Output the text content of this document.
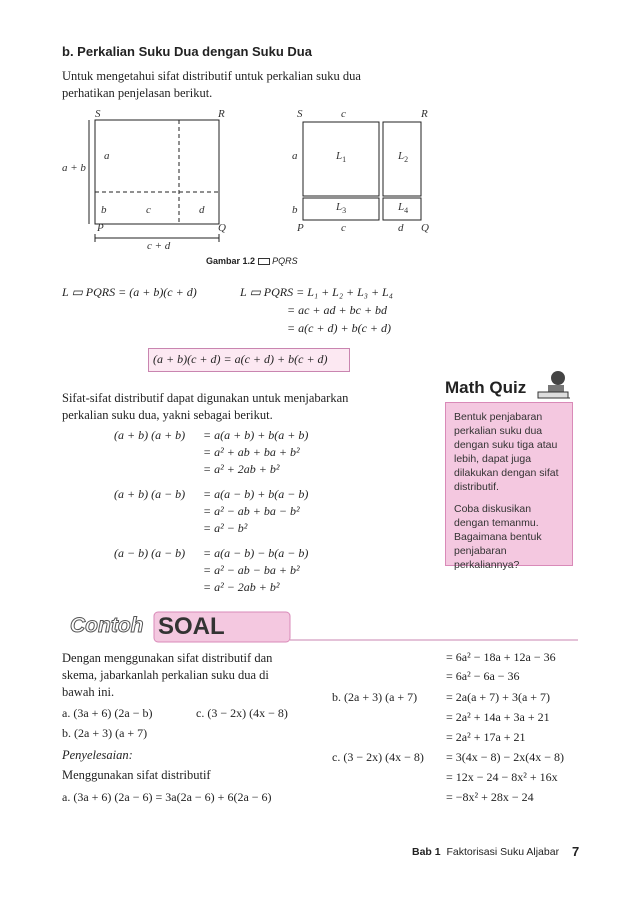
b. Perkalian Suku Dua dengan Suku Dua
Untuk mengetahui sifat distributif untuk perkalian suku dua
perhatikan penjelasan berikut.
S	R
a
a + b
b	c	d
P	Q
c + d
S	c	R
a	$L_1$	$L_2$
b	$L_3$	$L_4$
P	c	d Q
Gambar 1.2 PQRS
L ▭ PQRS = (a + b)(c + d)	L ▭ PQRS = L₁ + L₂ + L₃ + L₄
= ac + ad + bc + bd
= a(c + d) + b(c + d)
(a + b)(c + d) = a(c + d) + b(c + d)
Sifat-sifat distributif dapat digunakan untuk menjabarkan
perkalian suku dua, yakni sebagai berikut.
(a + b) (a + b) = a(a + b) + b(a + b)
= a² + ab + ba + b²
= a² + 2ab + b²
(a + b) (a − b) = a(a − b) + b(a − b)
= a² − ab + ba − b²
= a² − b²
(a − b) (a − b) = a(a − b) − b(a − b)
= a² − ab − ba + b²
= a² − 2ab + b²
Math Quiz

Bentuk penjabaran perkalian suku dua dengan suku tiga atau lebih, dapat juga dilakukan dengan sifat distributif.

Coba diskusikan dengan temanmu. Bagaimana bentuk penjabaran perkaliannya?

Contoh SOAL
Dengan menggunakan sifat distributif dan
skema, jabarkanlah perkalian suku dua di
bawah ini.
a. (3a + 6) (2a − b)	c. (3 − 2x) (4x − 8)
b. (2a + 3) (a + 7)
Penyelesaian:
Menggunakan sifat distributif
a. (3a + 6) (2a − 6) = 3a(2a − 6) + 6(2a − 6)
= 6a² − 18a + 12a − 36
= 6a² − 6a − 36
b. (2a + 3) (a + 7) = 2a(a + 7) + 3(a + 7)
= 2a² + 14a + 3a + 21
= 2a² + 17a + 21
c. (3 − 2x) (4x − 8) = 3(4x − 8) − 2x(4x − 8)
= 12x − 24 − 8x² + 16x
= −8x² + 28x − 24
Bab 1 Faktorisasi Suku Aljabar 7
